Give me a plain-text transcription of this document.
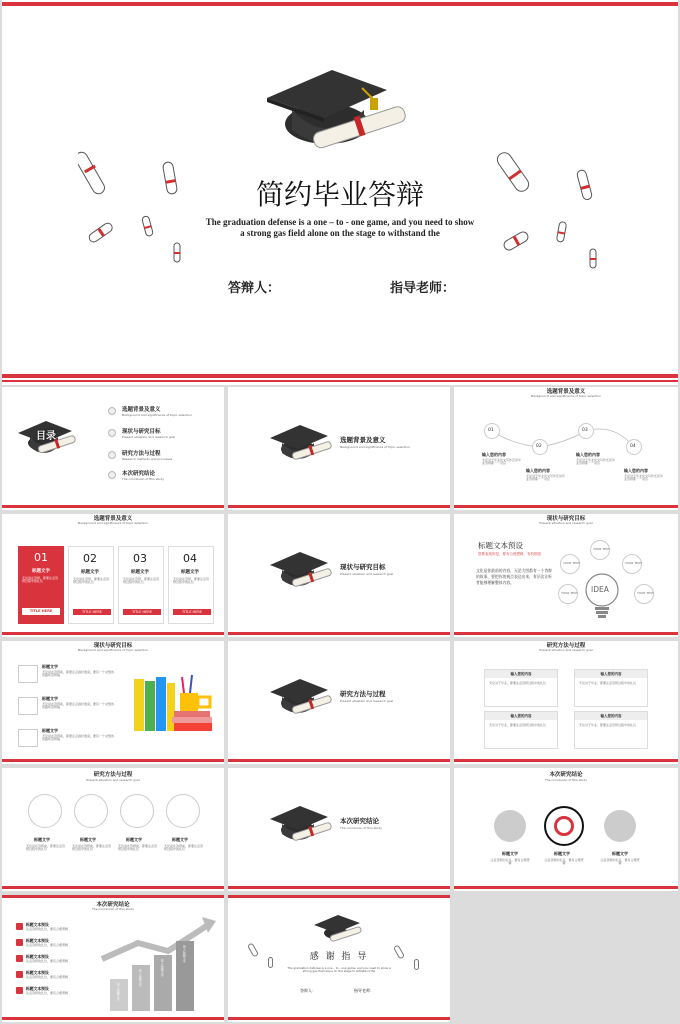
简约毕业答辩
The graduation defense is a one – to - one game, and you need to show
a strong gas field alone on the stage to withstand the
答辩人：	指导老师：
目录
选题背景及意义
Background and significance of topic selection
现状与研究目标
Present situation and research goal
研究方法与过程
Research methods and processes
本次研究结论
The conclusion of this study
选题背景及意义
Background and significance of topic selection
选题背景及意义
Background and significance of topic selection
01
02
03
04
输入您的内容
无论对于毕业论文写作还是毕业答辩都一一对应
输入您的内容
无论对于毕业论文写作还是毕业答辩都一一对应
输入您的内容
无论对于毕业论文写作还是毕业答辩都一一对应
输入您的内容
无论对于毕业论文写作还是毕业答辩都一一对应
选题背景及意义
Background and significance of topic selection
01
标题文字
无论是在答辩，都要注意答辩过程中的礼仪
TITLE HERE
02
标题文字
无论是在答辩，都要注意答辩过程中的礼仪
TITLE HERE
03
标题文字
无论是在答辩，都要注意答辩过程中的礼仪
TITLE HERE
04
标题文字
无论是在答辩，都要注意答辩过程中的礼仪
TITLE HERE
现状与研究目标
Present situation and research goal
现状与研究目标
Present situation and research goal
标题文本预设
您要表现的是，要有合理逻辑，有机排版
文化是你最前的内容，无论大图都有一个答辩的故事，要把你的观点表达出来，有层次让听者能够理解整体内容。
IDEA
YOUR TEXT
YOUR TEXT
YOUR TEXT
YOUR TEXT	YOUR TEXT
现状与研究目标
Background and significance of topic selection
标题文字
无论是在答辩前，都要注意做好准备，要有一个完整的思路和答辩稿
标题文字
无论是在答辩前，都要注意做好准备，要有一个完整的思路和答辩稿
标题文字
无论是在答辩前，都要注意做好准备，要有一个完整的思路和答辩稿
研究方法与过程
Present situation and research goal
研究方法与过程
Present situation and research goal
输入您的内容
无论对于毕业，都要注意答辩过程中的礼仪
输入您的内容
无论对于毕业，都要注意答辩过程中的礼仪
输入您的内容
无论对于毕业，都要注意答辩过程中的礼仪
输入您的内容
无论对于毕业，都要注意答辩过程中的礼仪
研究方法与过程
Present situation and research goal
标题文字
无论是在答辩前，都要注意答辩过程中的礼仪
标题文字
无论是在答辩前，都要注意答辩过程中的礼仪
标题文字
无论是在答辩前，都要注意答辩过程中的礼仪
标题文字
无论是在答辩前，都要注意答辩过程中的礼仪
本次研究结论
The conclusion of this study
本次研究结论
The conclusion of this study
标题文字
注意答辩的礼仪，要有合理逻辑
标题文字
注意答辩的礼仪，要有合理逻辑
标题文字
注意答辩的礼仪，要有合理逻辑
本次研究结论
The conclusion of this study
标题文本预设
注意答辩的礼仪，要有合理逻辑
标题文本预设
注意答辩的礼仪，要有合理逻辑
标题文本预设
注意答辩的礼仪，要有合理逻辑
标题文本预设
注意答辩的礼仪，要有合理逻辑
标题文本预设
注意答辩的礼仪，要有合理逻辑	加入标题文字
加入标题文字
加入标题文字
加入标题文字	感 谢 指 导
The graduation defense is a one – to - one game, and you need to show a strong gas field alone on the stage to withstand the
答辩人：	指导老师：
